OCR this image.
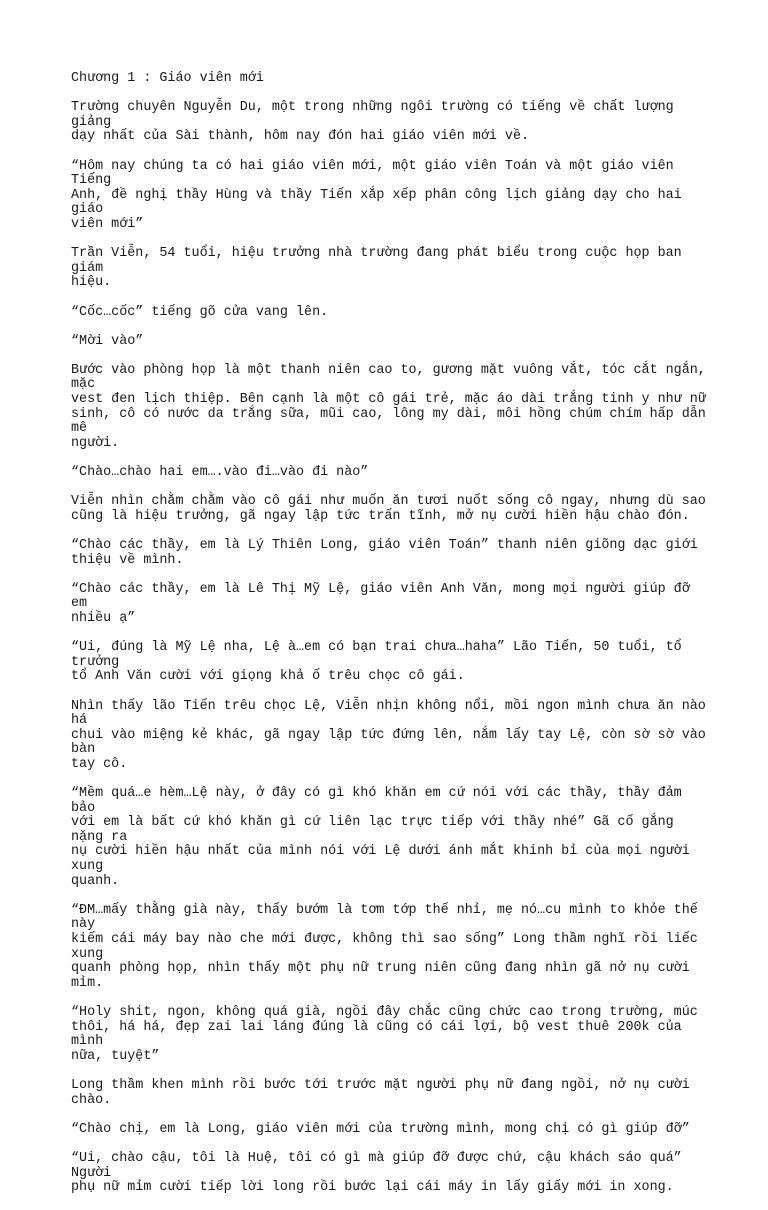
Chương 1 : Giáo viên mới

Trường chuyên Nguyễn Du, một trong những ngôi trường có tiếng về chất lượng giảng
dạy nhất của Sài thành, hôm nay đón hai giáo viên mới về.

“Hôm nay chúng ta có hai giáo viên mới, một giáo viên Toán và một giáo viên Tiếng
Anh, đề nghị thầy Hùng và thầy Tiến xắp xếp phân công lịch giảng dạy cho hai giáo
viên mới”

Trần Viễn, 54 tuổi, hiệu trưởng nhà trường đang phát biểu trong cuộc họp ban giám
hiệu.

“Cốc…cốc” tiếng gõ cửa vang lên.

“Mời vào”

Bước vào phòng họp là một thanh niên cao to, gương mặt vuông vắt, tóc cắt ngắn, mặc
vest đen lịch thiệp. Bên cạnh là một cô gái trẻ, mặc áo dài trắng tinh y như nữ
sinh, cô có nước da trắng sữa, mũi cao, lông my dài, môi hồng chúm chím hấp dẫn mê
người.

“Chào…chào hai em….vào đi…vào đi nào”

Viễn nhìn chằm chằm vào cô gái như muốn ăn tươi nuốt sống cô ngay, nhưng dù sao
cũng là hiệu trưởng, gã ngay lập tức trấn tĩnh, mở nụ cười hiền hậu chào đón.

“Chào các thầy, em là Lý Thiên Long, giáo viên Toán” thanh niên giõng dạc giới
thiệu về mình.

“Chào các thầy, em là Lê Thị Mỹ Lệ, giáo viên Anh Văn, mong mọi người giúp đỡ em
nhiều ạ”

“Ui, đúng là Mỹ Lệ nha, Lệ à…em có bạn trai chưa…haha” Lão Tiến, 50 tuổi, tổ trưởng
tổ Anh Văn cười với giọng khả ố trêu chọc cô gái.

Nhìn thấy lão Tiến trêu chọc Lệ, Viễn nhịn không nổi, mồi ngon mình chưa ăn nào há
chui vào miệng kẻ khác, gã ngay lập tức đứng lên, nắm lấy tay Lệ, còn sờ sờ vào bàn
tay cô.

“Mềm quá…e hèm…Lệ này, ở đây có gì khó khăn em cứ nói với các thầy, thầy đảm bảo
với em là bất cứ khó khăn gì cứ liên lạc trực tiếp với thầy nhé” Gã cố gắng nặng ra
nụ cười hiền hậu nhất của mình nói với Lệ dưới ánh mắt khinh bỉ của mọi người xung
quanh.

“ĐM…mấy thằng già này, thấy bướm là tơm tớp thế nhỉ, mẹ nó…cu mình to khỏe thế này
kiếm cái máy bay nào che mới được, không thì sao sống” Long thầm nghĩ rồi liếc xung
quanh phòng họp, nhìn thấy một phụ nữ trung niên cũng đang nhìn gã nở nụ cười mỉm.

“Holy shit, ngon, không quá già, ngồi đây chắc cũng chức cao trong trường, múc
thôi, há há, đẹp zai lai láng đúng là cũng có cái lợi, bộ vest thuê 200k của mình
nữa, tuyệt”

Long thầm khen mình rồi bước tới trước mặt người phụ nữ đang ngồi, nở nụ cười chào.

“Chào chị, em là Long, giáo viên mới của trường mình, mong chị có gì giúp đỡ”

“Ui, chào cậu, tôi là Huệ, tôi có gì mà giúp đỡ được chứ, cậu khách sáo quá” Người
phụ nữ mỉm cười tiếp lời long rồi bước lại cái máy in lấy giấy mới in xong.
